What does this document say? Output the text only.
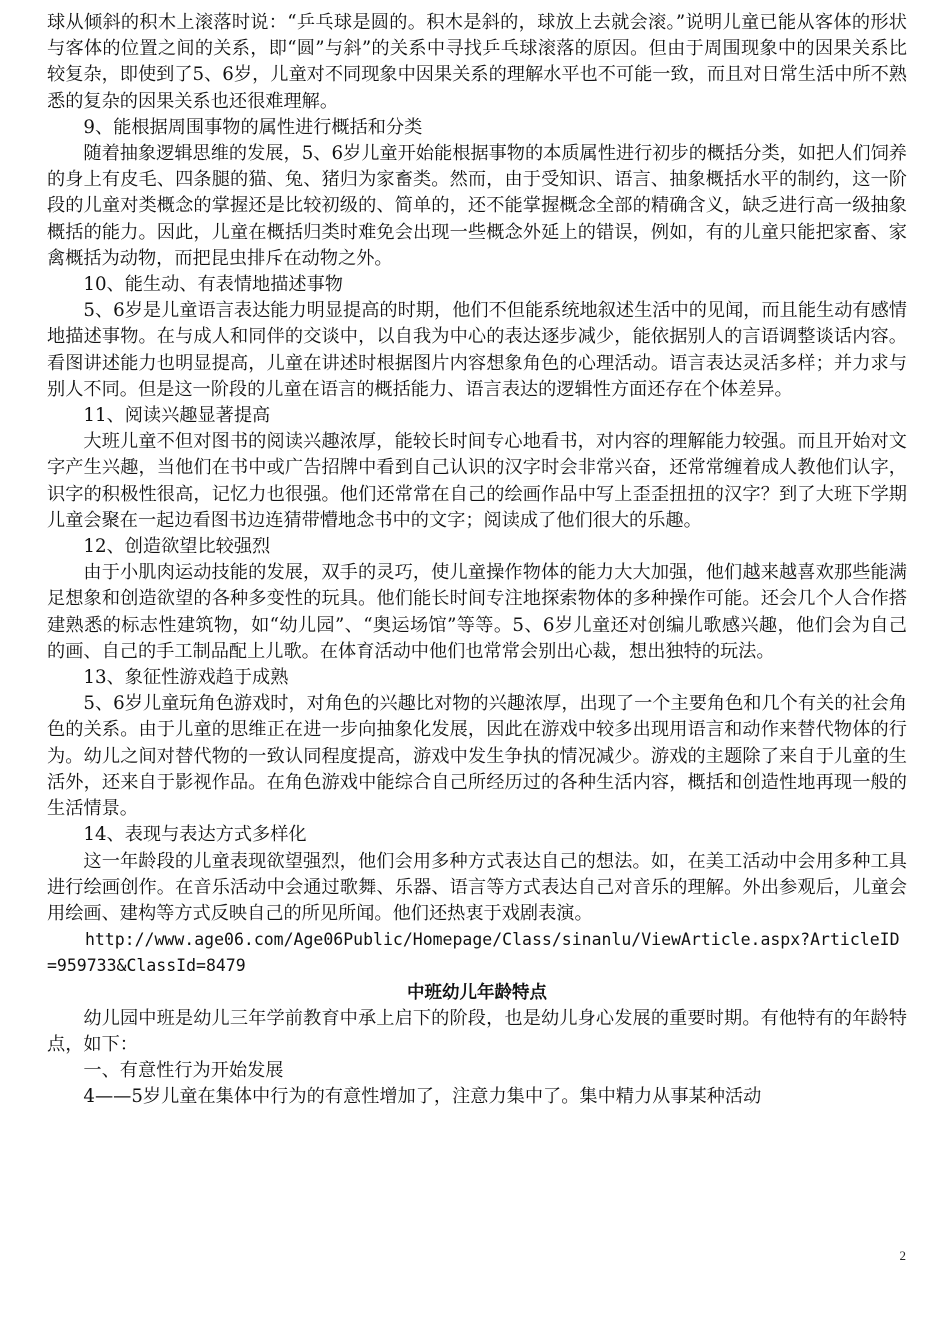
球从倾斜的积木上滚落时说：“乒乓球是圆的。积木是斜的，球放上去就会滚。”说明儿童已能从客体的形状与客体的位置之间的关系，即“圆”与斜”的关系中寻找乒乓球滚落的原因。但由于周围现象中的因果关系比较复杂，即使到了5、6岁，儿童对不同现象中因果关系的理解水平也不可能一致，而且对日常生活中所不熟悉的复杂的因果关系也还很难理解。

9、能根据周围事物的属性进行概括和分类

随着抽象逻辑思维的发展，5、6岁儿童开始能根据事物的本质属性进行初步的概括分类，如把人们饲养的身上有皮毛、四条腿的猫、兔、猪归为家畜类。然而，由于受知识、语言、抽象概括水平的制约，这一阶段的儿童对类概念的掌握还是比较初级的、简单的，还不能掌握概念全部的精确含义，缺乏进行高一级抽象概括的能力。因此，儿童在概括归类时难免会出现一些概念外延上的错误，例如，有的儿童只能把家畜、家禽概括为动物，而把昆虫排斥在动物之外。

10、能生动、有表情地描述事物

5、6岁是儿童语言表达能力明显提高的时期，他们不但能系统地叙述生活中的见闻，而且能生动有感情地描述事物。在与成人和同伴的交谈中，以自我为中心的表达逐步减少，能依据别人的言语调整谈话内容。看图讲述能力也明显提高，儿童在讲述时根据图片内容想象角色的心理活动。语言表达灵活多样；并力求与别人不同。但是这一阶段的儿童在语言的概括能力、语言表达的逻辑性方面还存在个体差异。

11、阅读兴趣显著提高

大班儿童不但对图书的阅读兴趣浓厚，能较长时间专心地看书，对内容的理解能力较强。而且开始对文字产生兴趣，当他们在书中或广告招牌中看到自己认识的汉字时会非常兴奋，还常常缠着成人教他们认字，识字的积极性很高，记忆力也很强。他们还常常在自己的绘画作品中写上歪歪扭扭的汉字？到了大班下学期儿童会聚在一起边看图书边连猜带懵地念书中的文字；阅读成了他们很大的乐趣。

12、创造欲望比较强烈

由于小肌肉运动技能的发展，双手的灵巧，使儿童操作物体的能力大大加强，他们越来越喜欢那些能满足想象和创造欲望的各种多变性的玩具。他们能长时间专注地探索物体的多种操作可能。还会几个人合作搭建熟悉的标志性建筑物，如“幼儿园”、“奥运场馆”等等。5、6岁儿童还对创编儿歌感兴趣，他们会为自己的画、自己的手工制品配上儿歌。在体育活动中他们也常常会别出心裁，想出独特的玩法。

13、象征性游戏趋于成熟

5、6岁儿童玩角色游戏时，对角色的兴趣比对物的兴趣浓厚，出现了一个主要角色和几个有关的社会角色的关系。由于儿童的思维正在进一步向抽象化发展，因此在游戏中较多出现用语言和动作来替代物体的行为。幼儿之间对替代物的一致认同程度提高，游戏中发生争执的情况减少。游戏的主题除了来自于儿童的生活外，还来自于影视作品。在角色游戏中能综合自己所经历过的各种生活内容，概括和创造性地再现一般的生活情景。

14、表现与表达方式多样化

这一年龄段的儿童表现欲望强烈，他们会用多种方式表达自己的想法。如，在美工活动中会用多种工具进行绘画创作。在音乐活动中会通过歌舞、乐器、语言等方式表达自己对音乐的理解。外出参观后，儿童会用绘画、建构等方式反映自己的所见所闻。他们还热衷于戏剧表演。

http://www.age06.com/Age06Public/Homepage/Class/sinanlu/ViewArticle.aspx?ArticleID=959733&ClassId=8479

中班幼儿年龄特点

幼儿园中班是幼儿三年学前教育中承上启下的阶段，也是幼儿身心发展的重要时期。有他特有的年龄特点，如下：

一、有意性行为开始发展

4——5岁儿童在集体中行为的有意性增加了，注意力集中了。集中精力从事某种活动

2
